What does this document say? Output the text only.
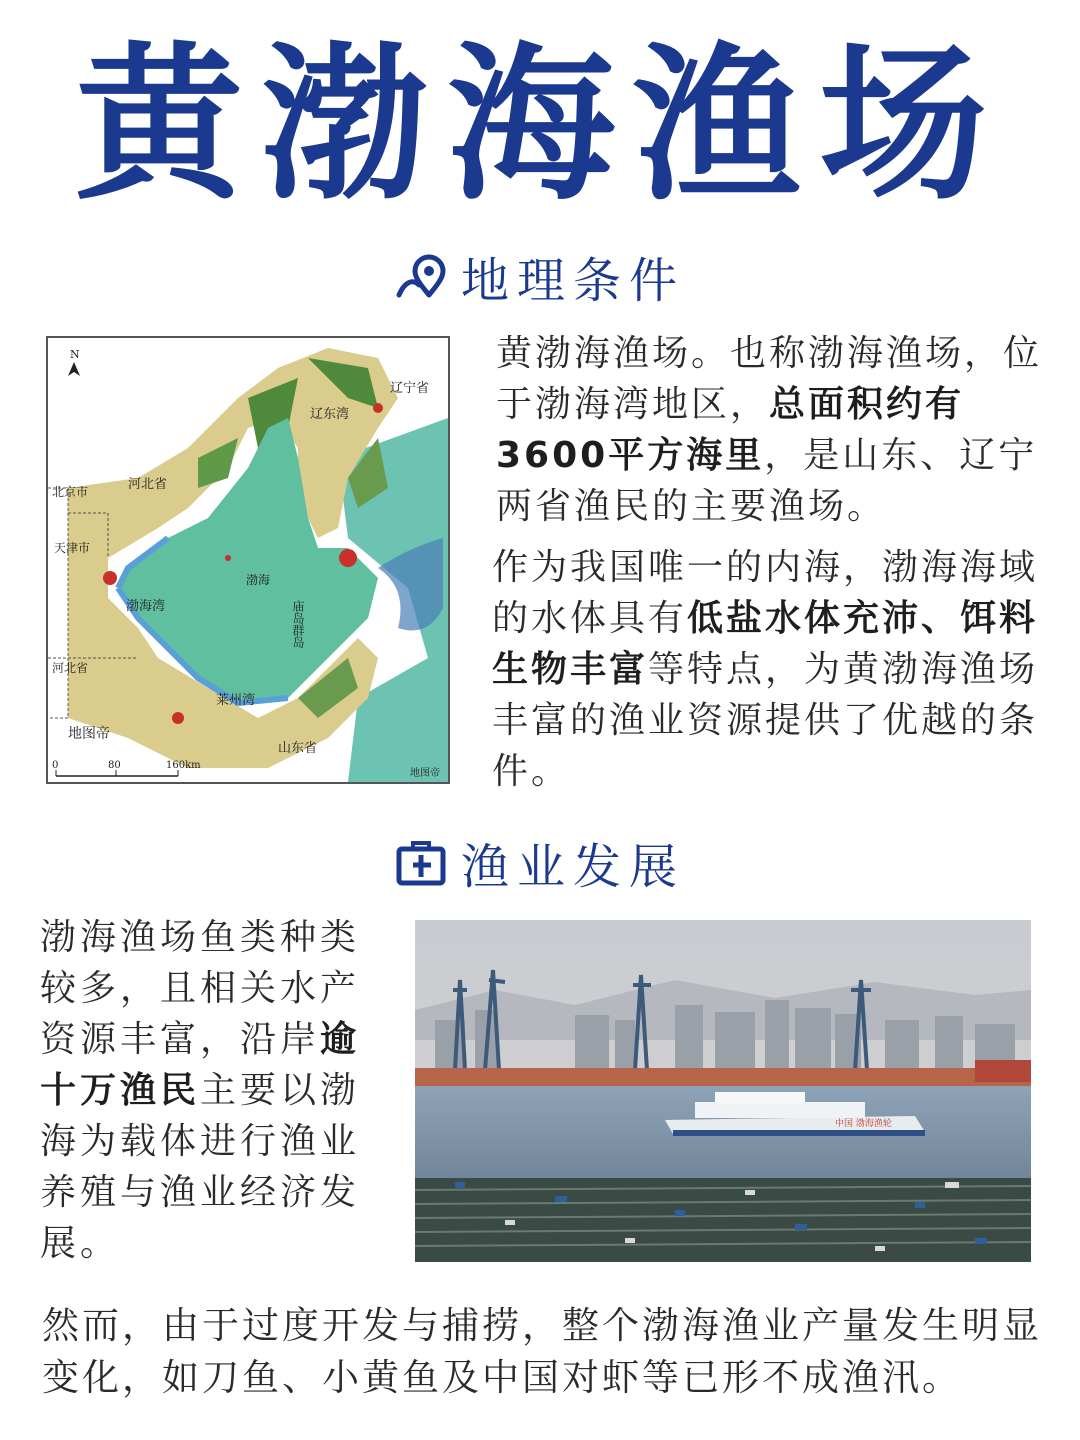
黄渤海渔场
地理条件
N
辽宁省
辽东湾
河北省
北京市
天津市
渤海
渤海湾	庙岛群岛
河北省
莱州湾
地图帝
山东省
0	80	160km
地图帝
黄渤海渔场。也称渤海渔场，位于渤海湾地区，总面积约有3600平方海里，是山东、辽宁两省渔民的主要渔场。
作为我国唯一的内海，渤海海域的水体具有低盐水体充沛、饵料生物丰富等特点，为黄渤海渔场丰富的渔业资源提供了优越的条件。
渔业发展
渤海渔场鱼类种类较多，且相关水产资源丰富，沿岸逾十万渔民主要以渤海为载体进行渔业养殖与渔业经济发展。
中国 渤海渔轮
然而，由于过度开发与捕捞，整个渤海渔业产量发生明显变化，如刀鱼、小黄鱼及中国对虾等已形不成渔汛。
